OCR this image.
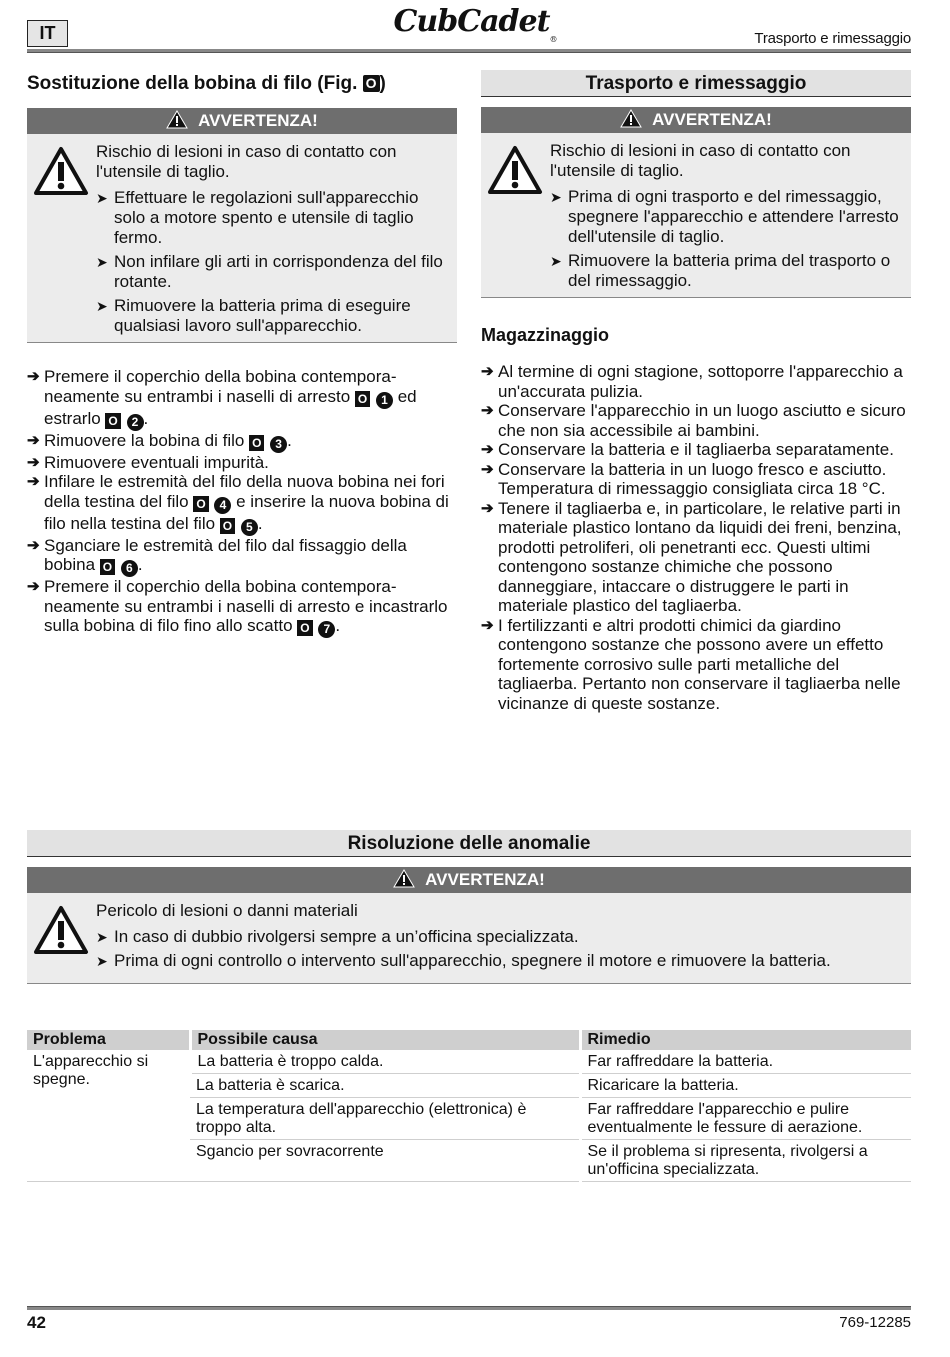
IT	CubCadet®	Trasporto e rimessaggio
Sostituzione della bobina di filo (Fig. O )
AVVERTENZA!
Rischio di lesioni in caso di contatto con l'utensile di taglio.
➤ Effettuare le regolazioni sull'apparecchio solo a motore spento e utensile di taglio fermo.
➤ Non infilare gli arti in corrispondenza del filo rotante.
➤ Rimuovere la batteria prima di eseguire qualsiasi lavoro sull'apparecchio.
➔ Premere il coperchio della bobina contemporaneamente su entrambi i naselli di arresto O 1 ed estrarlo O 2 .
➔ Rimuovere la bobina di filo O 3 .
➔ Rimuovere eventuali impurità.
➔ Infilare le estremità del filo della nuova bobina nei fori della testina del filo O 4 e inserire la nuova bobina di filo nella testina del filo O 5 .
➔ Sganciare le estremità del filo dal fissaggio della bobina O 6 .
➔ Premere il coperchio della bobina contemporaneamente su entrambi i naselli di arresto e incastrarlo sulla bobina di filo fino allo scatto O 7 .
Trasporto e rimessaggio
AVVERTENZA!
Rischio di lesioni in caso di contatto con l'utensile di taglio.
➤ Prima di ogni trasporto e del rimessaggio, spegnere l'apparecchio e attendere l'arresto dell'utensile di taglio.
➤ Rimuovere la batteria prima del trasporto o del rimessaggio.
Magazzinaggio
➔ Al termine di ogni stagione, sottoporre l'apparecchio a un'accurata pulizia.
➔ Conservare l'apparecchio in un luogo asciutto e sicuro che non sia accessibile ai bambini.
➔ Conservare la batteria e il tagliaerba separatamente.
➔ Conservare la batteria in un luogo fresco e asciutto. Temperatura di rimessaggio consigliata circa 18 °C.
➔ Tenere il tagliaerba e, in particolare, le relative parti in materiale plastico lontano da liquidi dei freni, benzina, prodotti petroliferi, oli penetranti ecc. Questi ultimi contengono sostanze chimiche che possono danneggiare, intaccare o distruggere le parti in materiale plastico del tagliaerba.
➔ I fertilizzanti e altri prodotti chimici da giardino contengono sostanze che possono avere un effetto fortemente corrosivo sulle parti metalliche del tagliaerba. Pertanto non conservare il tagliaerba nelle vicinanze di queste sostanze.
Risoluzione delle anomalie
AVVERTENZA!
Pericolo di lesioni o danni materiali
➤ In caso di dubbio rivolgersi sempre a un’officina specializzata.
➤ Prima di ogni controllo o intervento sull'apparecchio, spegnere il motore e rimuovere la batteria.
Problema	Possibile causa	Rimedio
L'apparecchio si spegne.	La batteria è troppo calda.	Far raffreddare la batteria.
	La batteria è scarica.	Ricaricare la batteria.
	La temperatura dell'apparecchio (elettronica) è troppo alta.	Far raffreddare l'apparecchio e pulire eventualmente le fessure di aerazione.
	Sgancio per sovracorrente	Se il problema si ripresenta, rivolgersi a un'officina specializzata.
42	769-12285
